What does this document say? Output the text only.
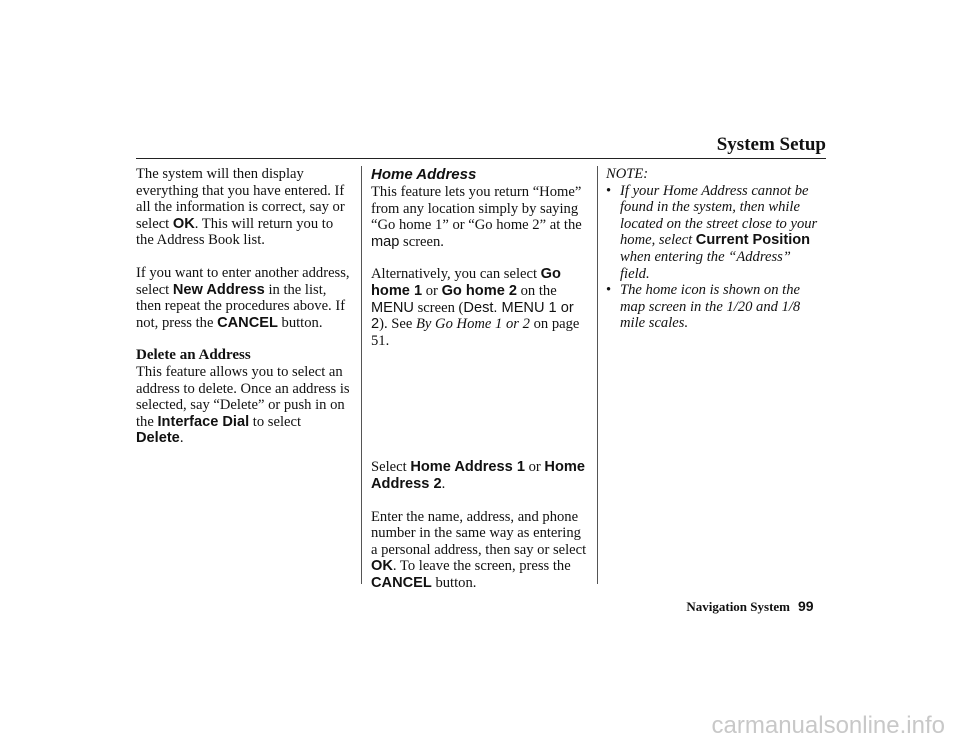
System Setup

The system will then display everything that you have entered. If all the information is correct, say or select OK. This will return you to the Address Book list.

If you want to enter another address, select New Address in the list, then repeat the procedures above. If not, press the CANCEL button.

Delete an Address

This feature allows you to select an address to delete. Once an address is selected, say “Delete” or push in on the Interface Dial to select Delete.

Home Address

This feature lets you return “Home” from any location simply by saying “Go home 1” or “Go home 2” at the map screen.

Alternatively, you can select Go home 1 or Go home 2 on the MENU screen (Dest. MENU 1 or 2). See By Go Home 1 or 2 on page 51.

Select Home Address 1 or Home Address 2.

Enter the name, address, and phone number in the same way as entering a personal address, then say or select OK. To leave the screen, press the CANCEL button.

NOTE:

• If your Home Address cannot be found in the system, then while located on the street close to your home, select Current Position when entering the “Address” field.
• The home icon is shown on the map screen in the 1/20 and 1/8 mile scales.
Navigation System 99
carmanualsonline.info
